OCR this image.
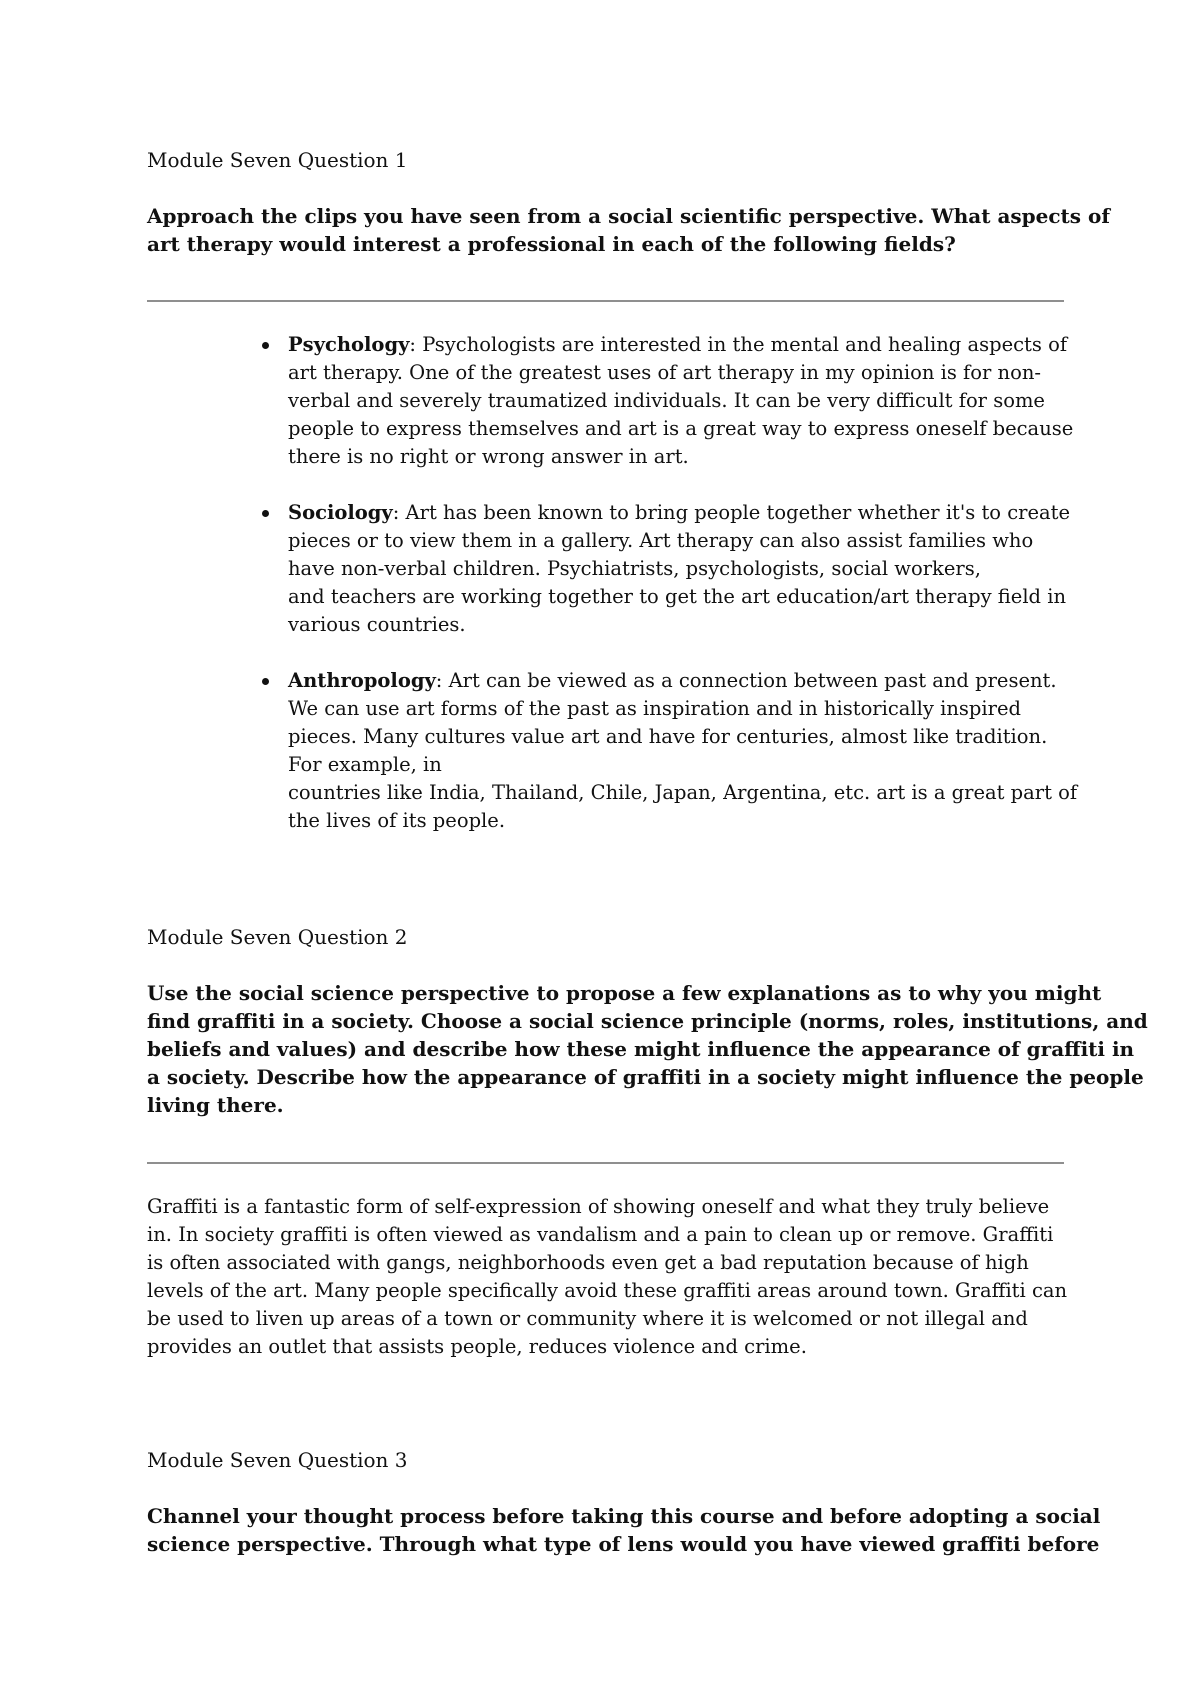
Module Seven Question 1

Approach the clips you have seen from a social scientific perspective. What aspects of
art therapy would interest a professional in each of the following fields?

Psychology: Psychologists are interested in the mental and healing aspects of
art therapy. One of the greatest uses of art therapy in my opinion is for non-
verbal and severely traumatized individuals. It can be very difficult for some
people to express themselves and art is a great way to express oneself because
there is no right or wrong answer in art.
Sociology: Art has been known to bring people together whether it's to create
pieces or to view them in a gallery. Art therapy can also assist families who
have non-verbal children. Psychiatrists, psychologists, social workers,
and teachers are working together to get the art education/art therapy field in
various countries.
Anthropology: Art can be viewed as a connection between past and present.
We can use art forms of the past as inspiration and in historically inspired
pieces. Many cultures value art and have for centuries, almost like tradition.
For example, in
countries like India, Thailand, Chile, Japan, Argentina, etc. art is a great part of
the lives of its people.

Module Seven Question 2

Use the social science perspective to propose a few explanations as to why you might
find graffiti in a society. Choose a social science principle (norms, roles, institutions, and
beliefs and values) and describe how these might influence the appearance of graffiti in
a society. Describe how the appearance of graffiti in a society might influence the people
living there.

Graffiti is a fantastic form of self-expression of showing oneself and what they truly believe
in. In society graffiti is often viewed as vandalism and a pain to clean up or remove. Graffiti
is often associated with gangs, neighborhoods even get a bad reputation because of high
levels of the art. Many people specifically avoid these graffiti areas around town. Graffiti can
be used to liven up areas of a town or community where it is welcomed or not illegal and
provides an outlet that assists people, reduces violence and crime.

Module Seven Question 3

Channel your thought process before taking this course and before adopting a social
science perspective. Through what type of lens would you have viewed graffiti before
